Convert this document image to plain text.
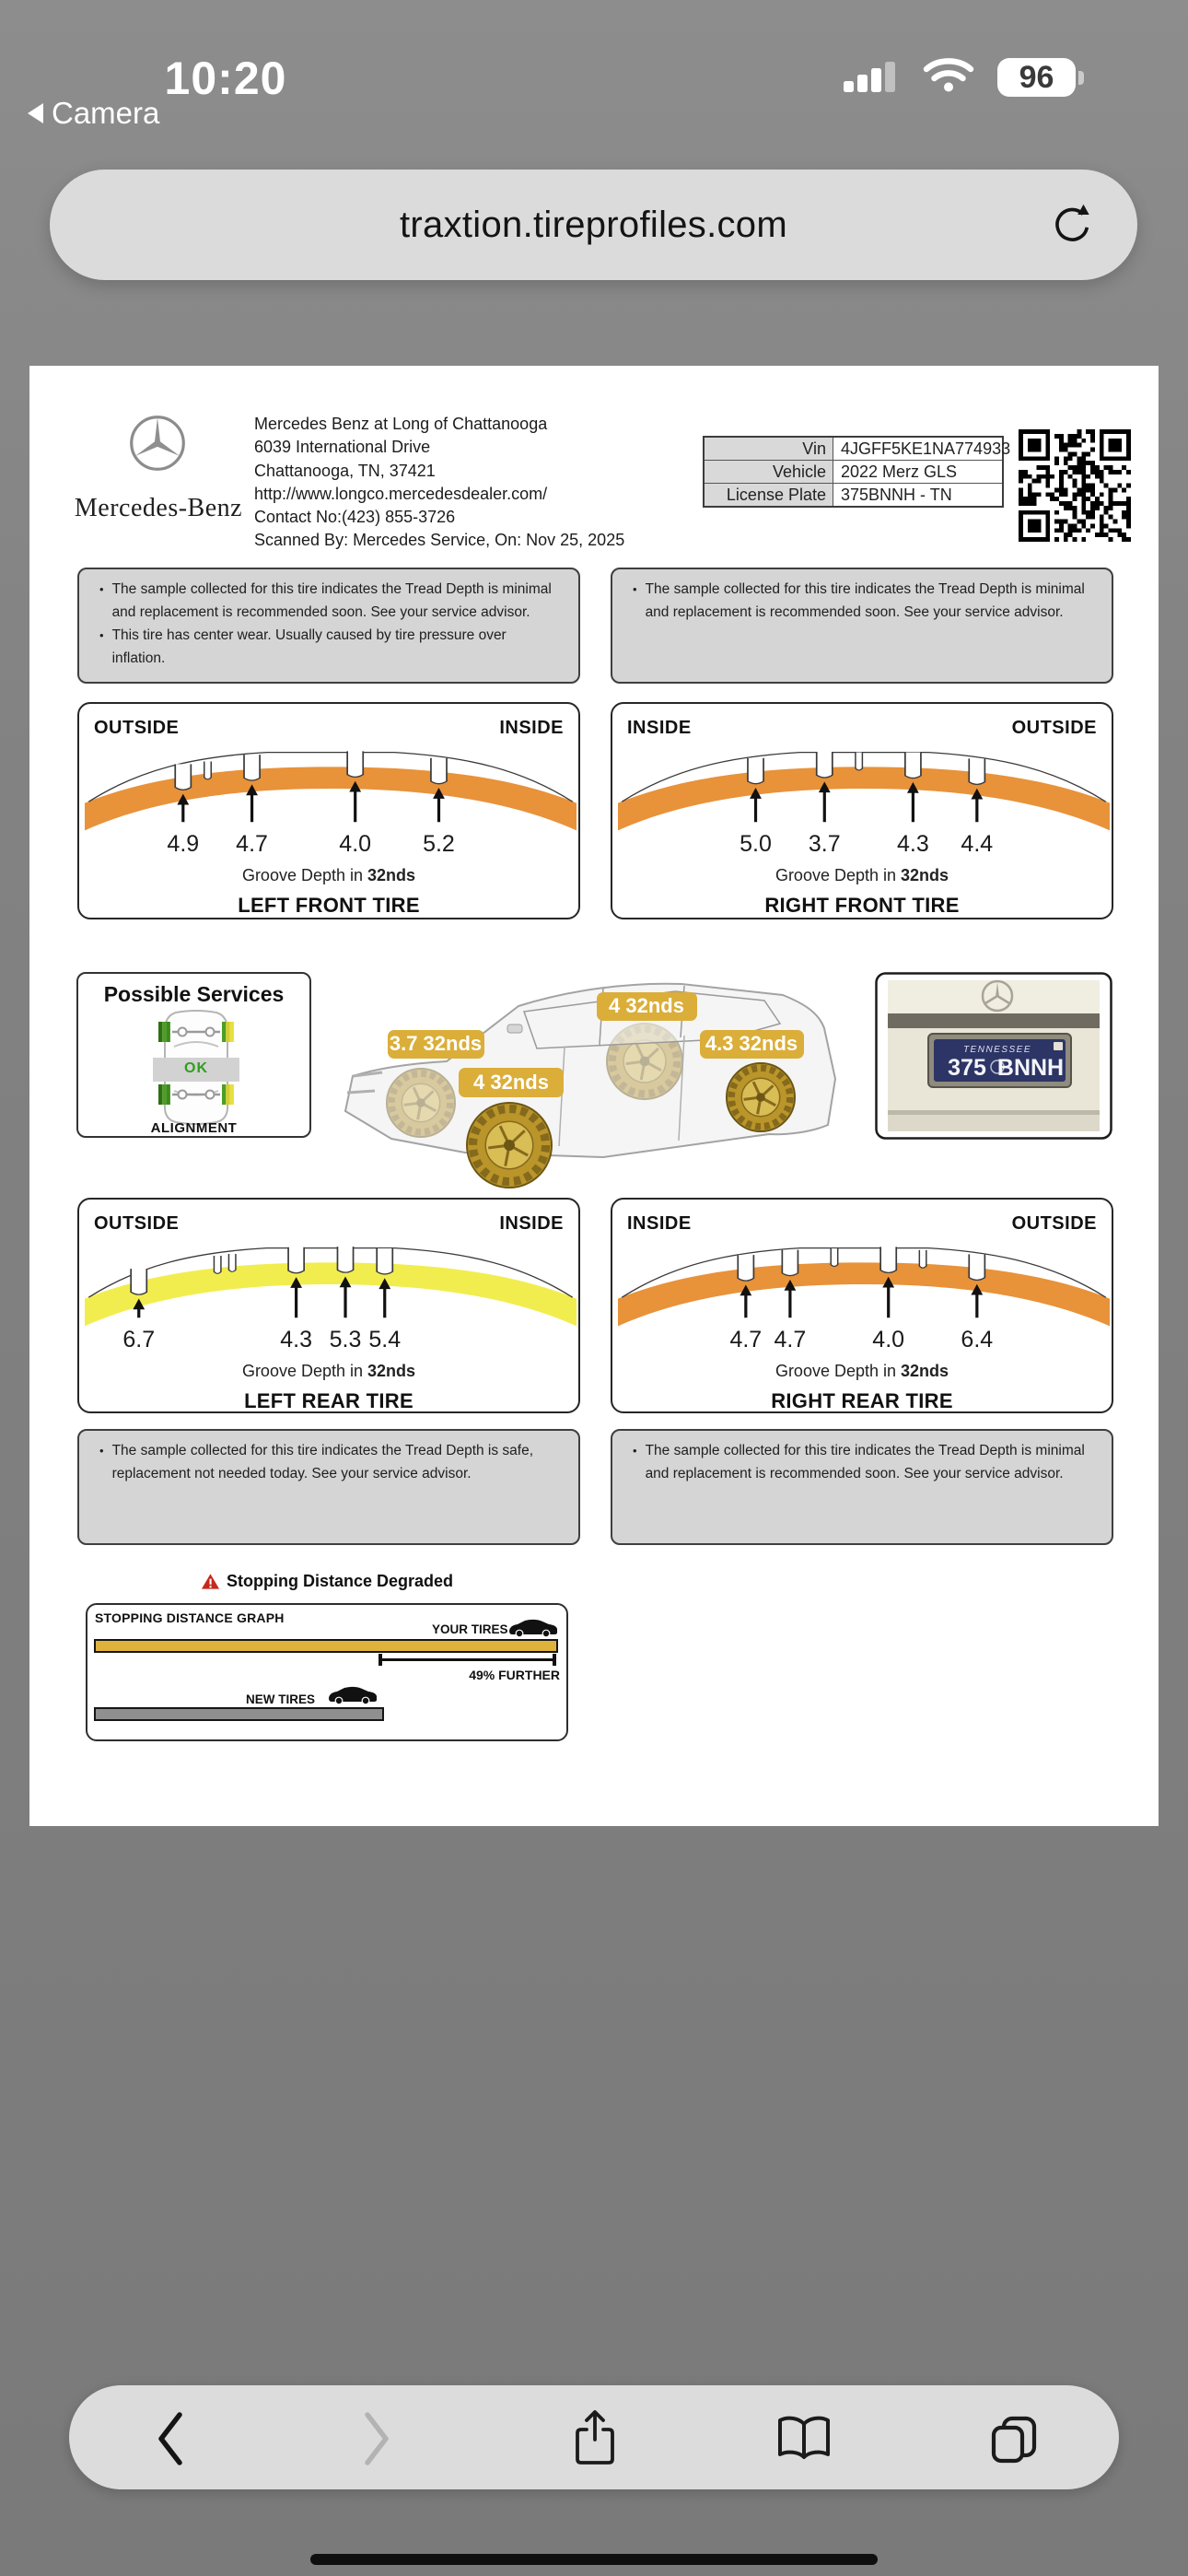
10:20
Camera
96
traxtion.tireprofiles.com
Mercedes-Benz
Mercedes Benz at Long of Chattanooga
6039 International Drive
Chattanooga, TN, 37421
http://www.longco.mercedesdealer.com/
Contact No:(423) 855-3726
Scanned By: Mercedes Service, On: Nov 25, 2025
Vin 4JGFF5KE1NA774933
Vehicle 2022 Merz GLS
License Plate 375BNNH - TN
• The sample collected for this tire indicates the Tread Depth is minimal and replacement is recommended soon. See your service advisor.
• This tire has center wear. Usually caused by tire pressure over inflation.
• The sample collected for this tire indicates the Tread Depth is minimal and replacement is recommended soon. See your service advisor.
OUTSIDE	INSIDE
4.9 4.7	4.0 5.2
Groove Depth in 32nds
LEFT FRONT TIRE
INSIDE	OUTSIDE
5.0 3.7 4.3 4.4
Groove Depth in 32nds
RIGHT FRONT TIRE
Possible Services
OK
ALIGNMENT
3.7 32nds
4 32nds
4.3 32nds
4 32nds
TENNESSEE
375 BNNH
OUTSIDE	INSIDE
6.7	4.3 5.3 5.4
Groove Depth in 32nds
LEFT REAR TIRE
INSIDE	OUTSIDE
4.7 4.7	4.0 6.4
Groove Depth in 32nds
RIGHT REAR TIRE
• The sample collected for this tire indicates the Tread Depth is safe, replacement not needed today. See your service advisor.
• The sample collected for this tire indicates the Tread Depth is minimal and replacement is recommended soon. See your service advisor.
Stopping Distance Degraded
STOPPING DISTANCE GRAPH
YOUR TIRES
49% FURTHER
NEW TIRES
